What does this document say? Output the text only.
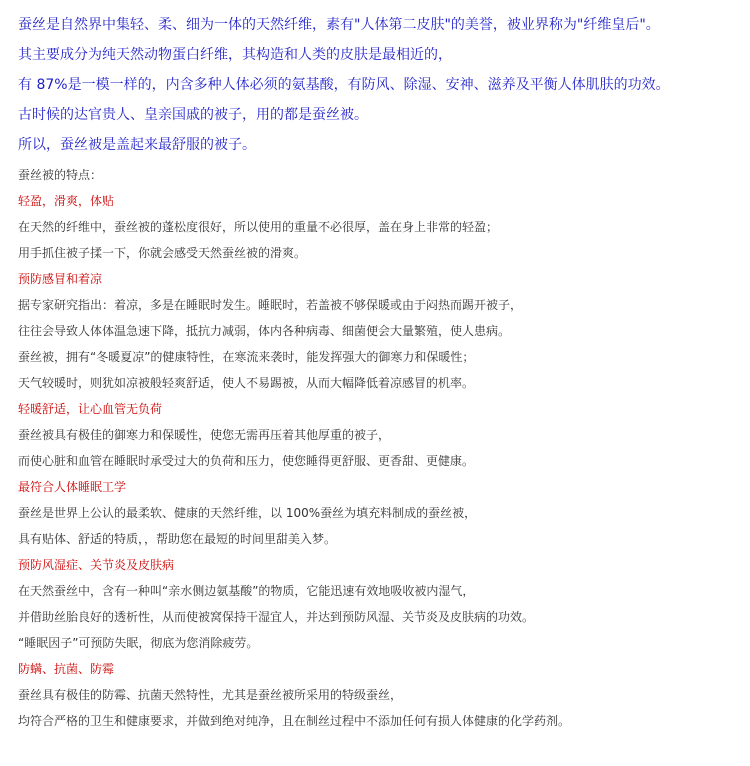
蚕丝是自然界中集轻、柔、细为一体的天然纤维，素有"人体第二皮肤"的美誉，被业界称为"纤维皇后"。
其主要成分为纯天然动物蛋白纤维，其构造和人类的皮肤是最相近的，
有 87%是一模一样的，内含多种人体必须的氨基酸，有防风、除湿、安神、滋养及平衡人体肌肤的功效。
古时候的达官贵人、皇亲国戚的被子，用的都是蚕丝被。
所以，蚕丝被是盖起来最舒服的被子。
蚕丝被的特点：
轻盈，滑爽，体贴
在天然的纤维中，蚕丝被的蓬松度很好，所以使用的重量不必很厚，盖在身上非常的轻盈；
用手抓住被子揉一下，你就会感受天然蚕丝被的滑爽。
预防感冒和着凉
据专家研究指出：着凉，多是在睡眠时发生。睡眠时，若盖被不够保暖或由于闷热而踢开被子，
往往会导致人体体温急速下降，抵抗力减弱，体内各种病毒、细菌便会大量繁殖，使人患病。
蚕丝被，拥有“冬暖夏凉”的健康特性，在寒流来袭时，能发挥强大的御寒力和保暖性；
天气较暖时，则犹如凉被般轻爽舒适，使人不易踢被，从而大幅降低着凉感冒的机率。
轻暖舒适，让心血管无负荷
蚕丝被具有极佳的御寒力和保暖性，使您无需再压着其他厚重的被子，
而使心脏和血管在睡眠时承受过大的负荷和压力，使您睡得更舒服、更香甜、更健康。
最符合人体睡眠工学
蚕丝是世界上公认的最柔软、健康的天然纤维，以 100%蚕丝为填充料制成的蚕丝被，
具有贴体、舒适的特质，，帮助您在最短的时间里甜美入梦。
预防风湿症、关节炎及皮肤病
在天然蚕丝中，含有一种叫“亲水侧边氨基酸”的物质，它能迅速有效地吸收被内湿气，
并借助丝胎良好的透析性，从而使被窝保持干湿宜人，并达到预防风湿、关节炎及皮肤病的功效。
“睡眠因子”可预防失眠，彻底为您消除疲劳。
防螨、抗菌、防霉
蚕丝具有极佳的防霉、抗菌天然特性，尤其是蚕丝被所采用的特级蚕丝，
均符合严格的卫生和健康要求，并做到绝对纯净，且在制丝过程中不添加任何有损人体健康的化学药剂。
